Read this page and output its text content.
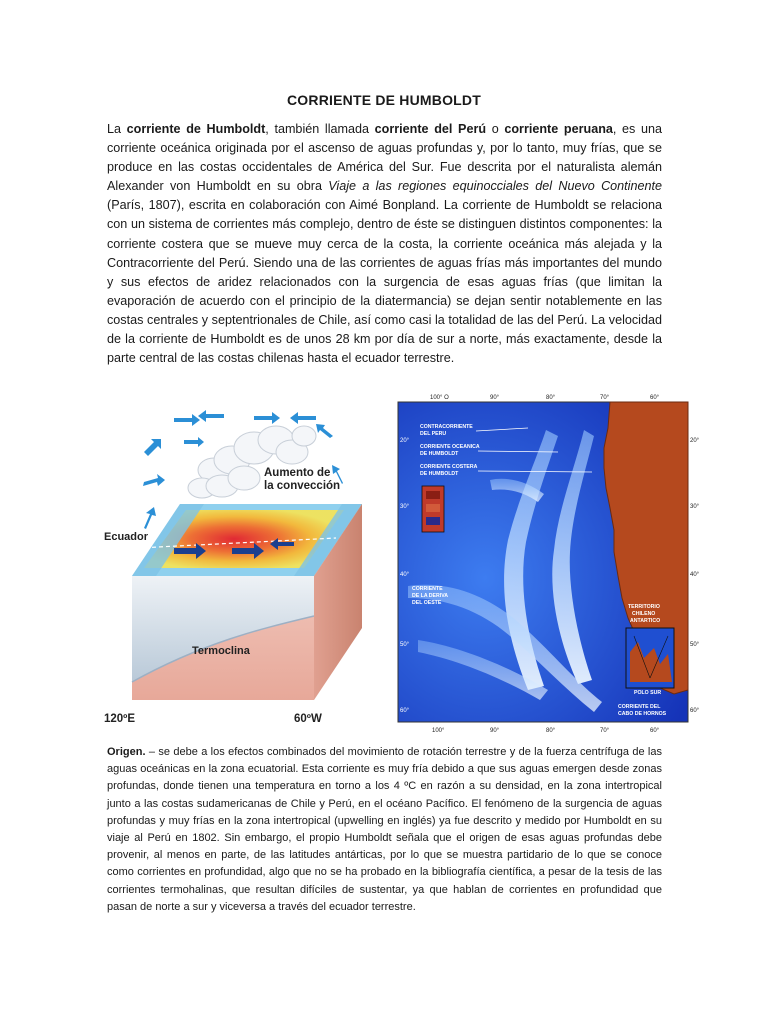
CORRIENTE DE HUMBOLDT
La corriente de Humboldt, también llamada corriente del Perú o corriente peruana, es una corriente oceánica originada por el ascenso de aguas profundas y, por lo tanto, muy frías, que se produce en las costas occidentales de América del Sur. Fue descrita por el naturalista alemán Alexander von Humboldt en su obra Viaje a las regiones equinocciales del Nuevo Continente (París, 1807), escrita en colaboración con Aimé Bonpland. La corriente de Humboldt se relaciona con un sistema de corrientes más complejo, dentro de éste se distinguen distintos componentes: la corriente costera que se mueve muy cerca de la costa, la corriente oceánica más alejada y la Contracorriente del Perú. Siendo una de las corrientes de aguas frías más importantes del mundo y sus efectos de aridez relacionados con la surgencia de esas aguas frías (que limitan la evaporación de acuerdo con el principio de la diatermancia) se dejan sentir notablemente en las costas centrales y septentrionales de Chile, así como casi la totalidad de las del Perú. La velocidad de la corriente de Humboldt es de unos 28 km por día de sur a norte, más exactamente, desde la parte central de las costas chilenas hasta el ecuador terrestre.
Aumento de
la convección
Ecuador
Termoclina
120ºE	60ºW
100° O	90°	80°	70°	60°
100°	90°	80°	70°	60°
20°
30°
40°
50°
60°
20°
30°
40°
50°
60°
CONTRACORRIENTE
DEL PERU
CORRIENTE OCEANICA
DE HUMBOLDT
CORRIENTE COSTERA
DE HUMBOLDT
CORRIENTE
DE LA DERIVA
DEL OESTE
TERRITORIO
CHILENO
ANTARTICO
POLO SUR
CORRIENTE DEL
CABO DE HORNOS
Origen. – se debe a los efectos combinados del movimiento de rotación terrestre y de la fuerza centrífuga de las aguas oceánicas en la zona ecuatorial. Esta corriente es muy fría debido a que sus aguas emergen desde zonas profundas, donde tienen una temperatura en torno a los 4 ºC en razón a su densidad, en la zona intertropical junto a las costas sudamericanas de Chile y Perú, en el océano Pacífico. El fenómeno de la surgencia de aguas profundas y muy frías en la zona intertropical (upwelling en inglés) ya fue descrito y medido por Humboldt en su viaje al Perú en 1802. Sin embargo, el propio Humboldt señala que el origen de esas aguas profundas debe provenir, al menos en parte, de las latitudes antárticas, por lo que se muestra partidario de lo que se conoce como corrientes en profundidad, algo que no se ha probado en la bibliografía científica, a pesar de la tesis de las corrientes termohalinas, que resultan difíciles de sustentar, ya que hablan de corrientes en profundidad que pasan de norte a sur y viceversa a través del ecuador terrestre.
